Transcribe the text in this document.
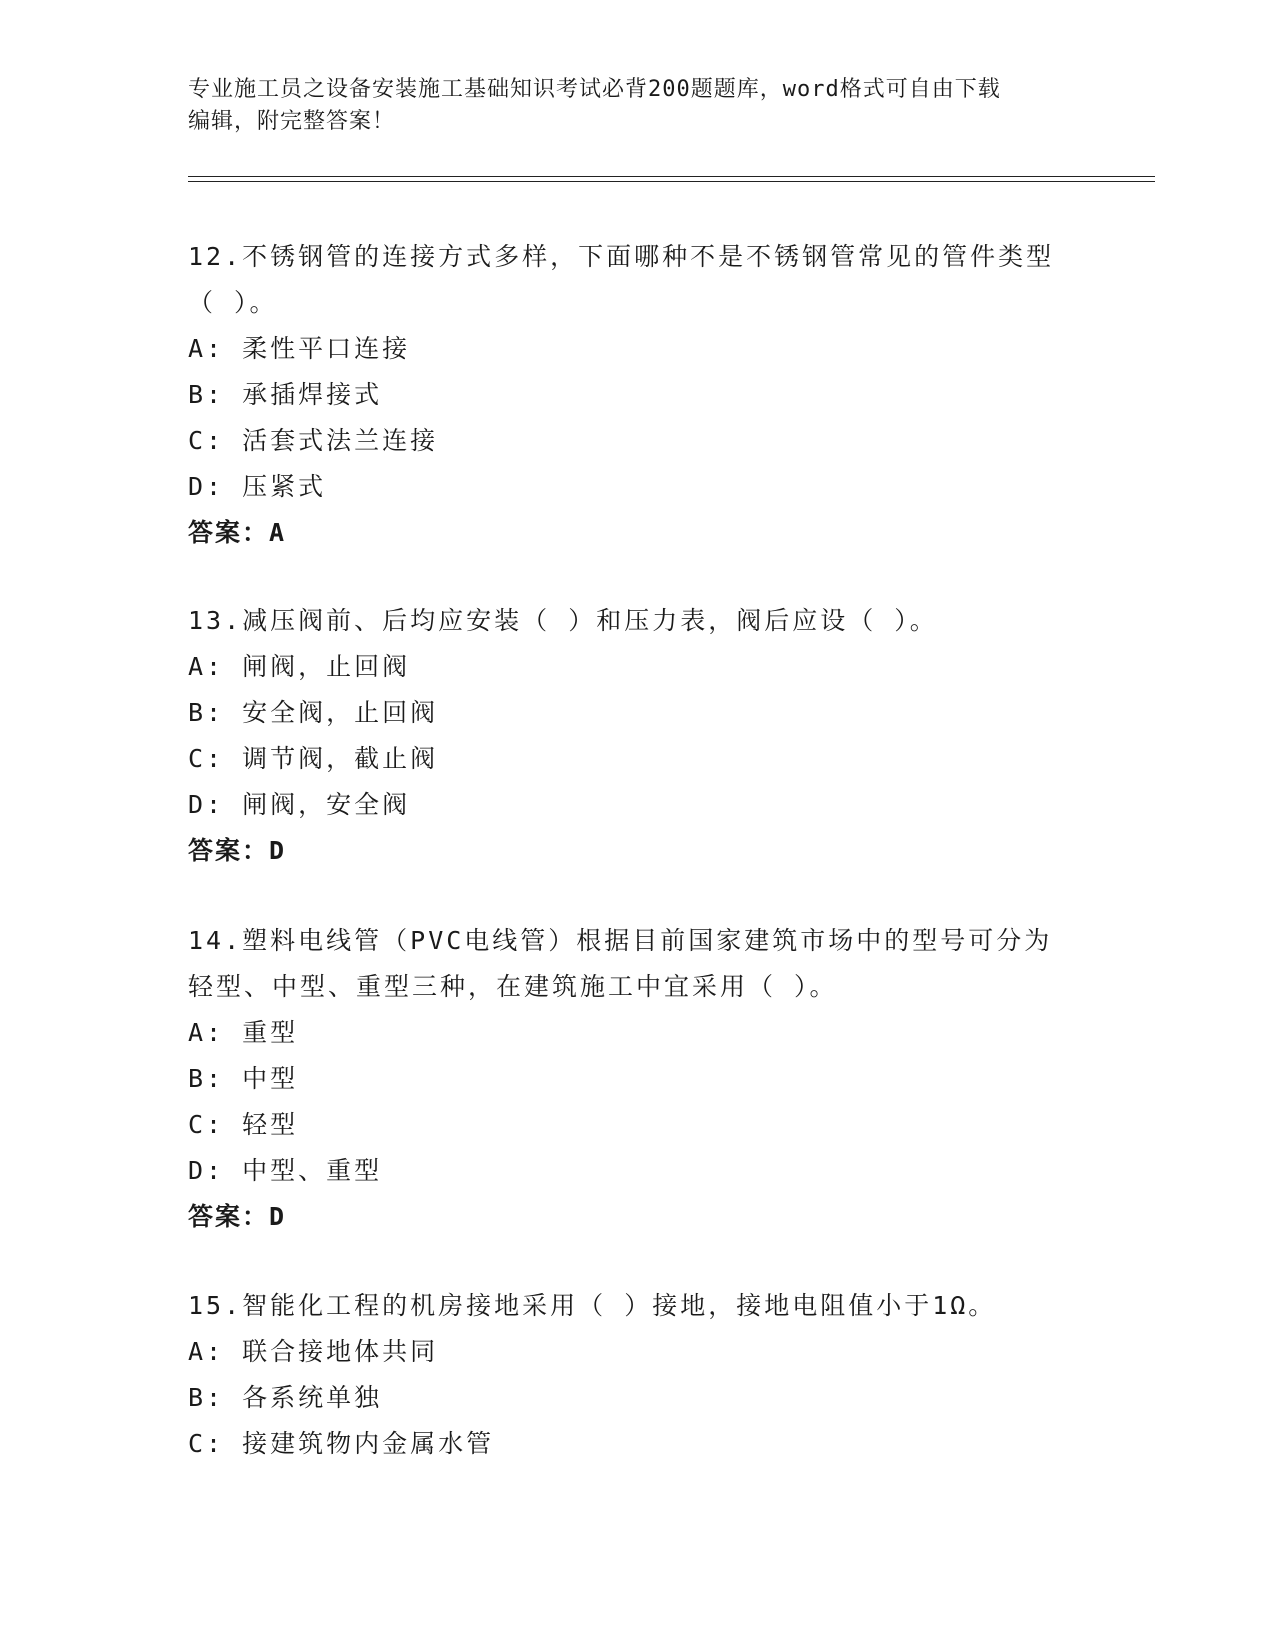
专业施工员之设备安装施工基础知识考试必背200题题库，word格式可自由下载
编辑，附完整答案！
12.不锈钢管的连接方式多样，下面哪种不是不锈钢管常见的管件类型
（ ）。
A: 柔性平口连接
B: 承插焊接式
C: 活套式法兰连接
D: 压紧式
答案：A
13.减压阀前、后均应安装（ ）和压力表，阀后应设（ ）。
A: 闸阀，止回阀
B: 安全阀，止回阀
C: 调节阀，截止阀
D: 闸阀，安全阀
答案：D
14.塑料电线管（PVC电线管）根据目前国家建筑市场中的型号可分为
轻型、中型、重型三种，在建筑施工中宜采用（ ）。
A: 重型
B: 中型
C: 轻型
D: 中型、重型
答案：D
15.智能化工程的机房接地采用（ ）接地，接地电阻值小于1Ω。
A: 联合接地体共同
B: 各系统单独
C: 接建筑物内金属水管
